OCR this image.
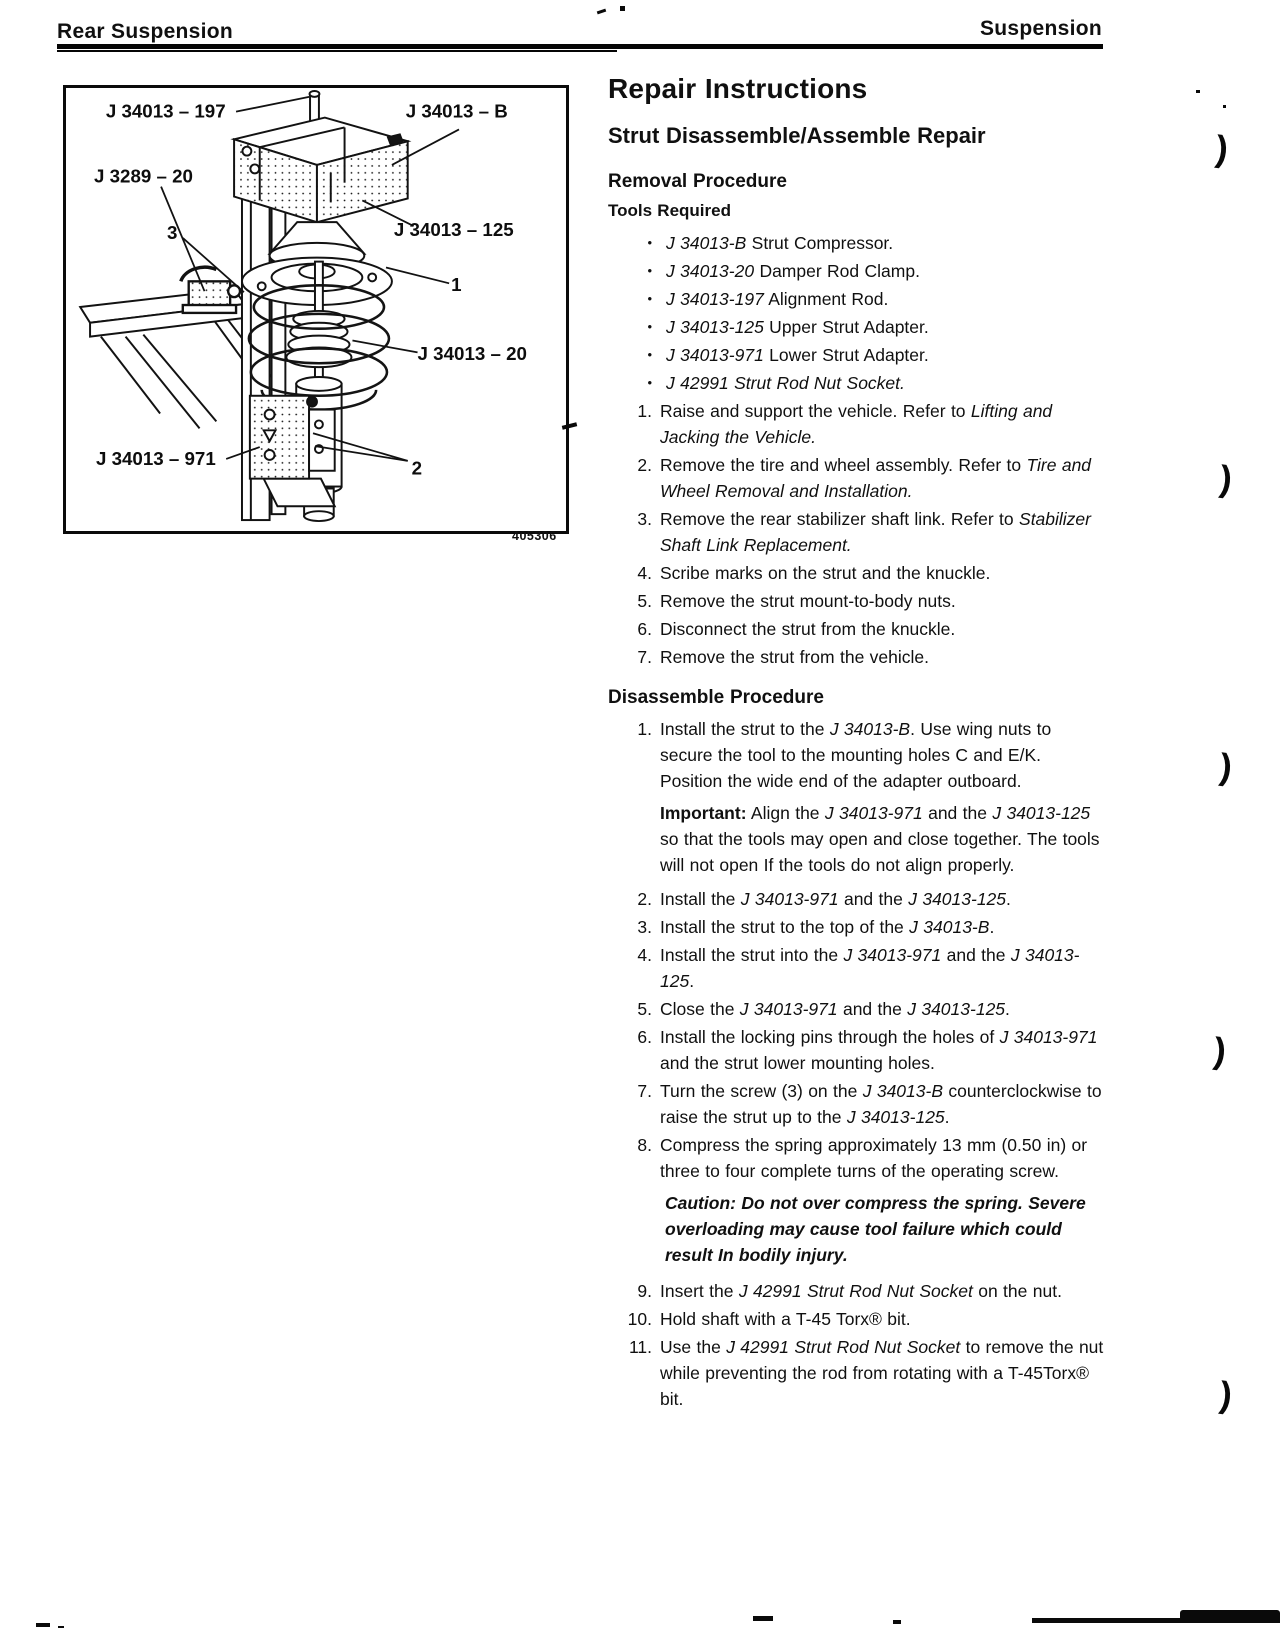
Rear Suspension	Suspension
J 34013 – 197	J 34013 – B
J 3289 – 20
3	J 34013 – 125
1
J 34013 – 20
2
J 34013 – 971
405306
Repair Instructions
Strut Disassemble/Assemble Repair
Removal Procedure
Tools Required
• J 34013-B Strut Compressor.
• J 34013-20 Damper Rod Clamp.
• J 34013-197 Alignment Rod.
• J 34013-125 Upper Strut Adapter.
• J 34013-971 Lower Strut Adapter.
• J 42991 Strut Rod Nut Socket.
1. Raise and support the vehicle. Refer to Lifting and Jacking the Vehicle.
2. Remove the tire and wheel assembly. Refer to Tire and Wheel Removal and Installation.
3. Remove the rear stabilizer shaft link. Refer to Stabilizer Shaft Link Replacement.
4. Scribe marks on the strut and the knuckle.
5. Remove the strut mount-to-body nuts.
6. Disconnect the strut from the knuckle.
7. Remove the strut from the vehicle.
Disassemble Procedure
1. Install the strut to the J 34013-B. Use wing nuts to secure the tool to the mounting holes C and E/K. Position the wide end of the adapter outboard.
Important: Align the J 34013-971 and the J 34013-125 so that the tools may open and close together. The tools will not open If the tools do not align properly.
2. Install the J 34013-971 and the J 34013-125.
3. Install the strut to the top of the J 34013-B.
4. Install the strut into the J 34013-971 and the J 34013-125.
5. Close the J 34013-971 and the J 34013-125.
6. Install the locking pins through the holes of J 34013-971 and the strut lower mounting holes.
7. Turn the screw (3) on the J 34013-B counterclockwise to raise the strut up to the J 34013-125.
8. Compress the spring approximately 13 mm (0.50 in) or three to four complete turns of the operating screw.
Caution: Do not over compress the spring. Severe overloading may cause tool failure which could result In bodily injury.
9. Insert the J 42991 Strut Rod Nut Socket on the nut.
10. Hold shaft with a T-45 Torx® bit.
11. Use the J 42991 Strut Rod Nut Socket to remove the nut while preventing the rod from rotating with a T-45Torx® bit.
)
)
)
)
)
